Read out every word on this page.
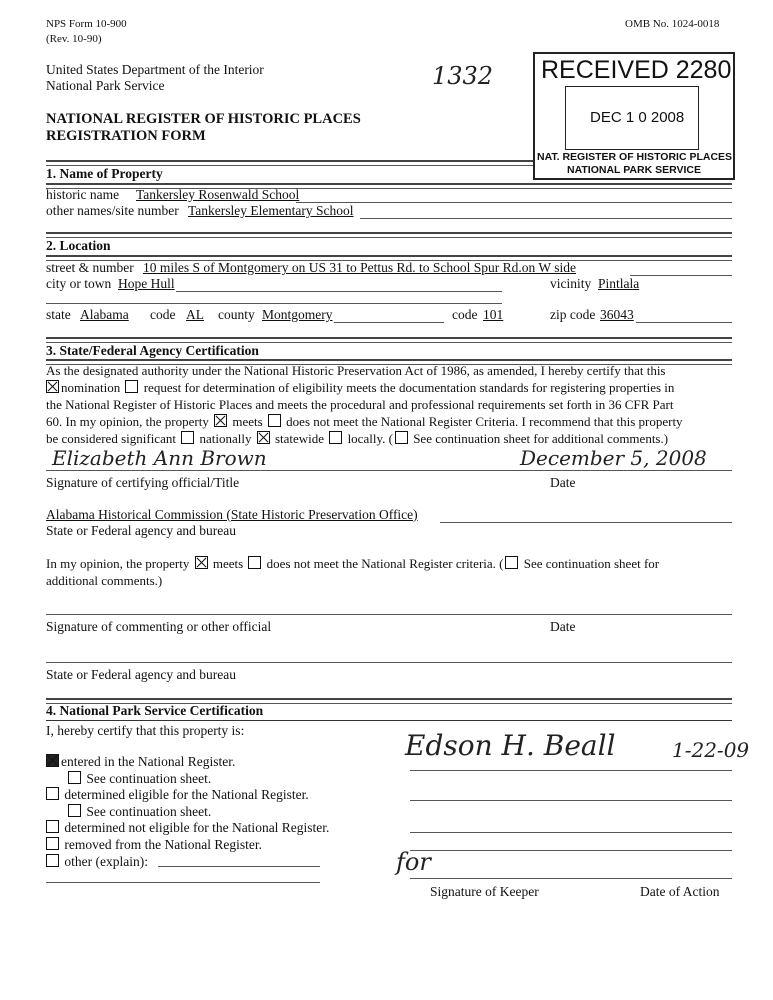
NPS Form 10-900
(Rev. 10-90)
OMB No. 1024-0018
United States Department of the Interior
National Park Service	1332
NATIONAL REGISTER OF HISTORIC PLACES
REGISTRATION FORM
RECEIVED 2280
DEC 1 0 2008
NAT. REGISTER OF HISTORIC PLACES
NATIONAL PARK SERVICE
1. Name of Property
historic name Tankersley Rosenwald School
other names/site number Tankersley Elementary School
2. Location
street & number 10 miles S of Montgomery on US 31 to Pettus Rd. to School Spur Rd.on W side
city or town Hope Hull	vicinity Pintlala
state Alabama code AL county Montgomery	code 101	zip code 36043
3. State/Federal Agency Certification
As the designated authority under the National Historic Preservation Act of 1986, as amended, I hereby certify that this
nomination request for determination of eligibility meets the documentation standards for registering properties in
the National Register of Historic Places and meets the procedural and professional requirements set forth in 36 CFR Part
60. In my opinion, the property meets does not meet the National Register Criteria. I recommend that this property
be considered significant nationally statewide locally. ( See continuation sheet for additional comments.)
Elizabeth Ann Brown	December 5, 2008
Signature of certifying official/Title	Date
Alabama Historical Commission (State Historic Preservation Office)
State or Federal agency and bureau
In my opinion, the property meets does not meet the National Register criteria. ( See continuation sheet for
additional comments.)
Signature of commenting or other official	Date
State or Federal agency and bureau
4. National Park Service Certification
I, hereby certify that this property is:
entered in the National Register.
See continuation sheet.
determined eligible for the National Register.
See continuation sheet.
determined not eligible for the National Register.
removed from the National Register.
other (explain):
Edson H. Beall	1-22-09
for
Signature of Keeper	Date of Action
